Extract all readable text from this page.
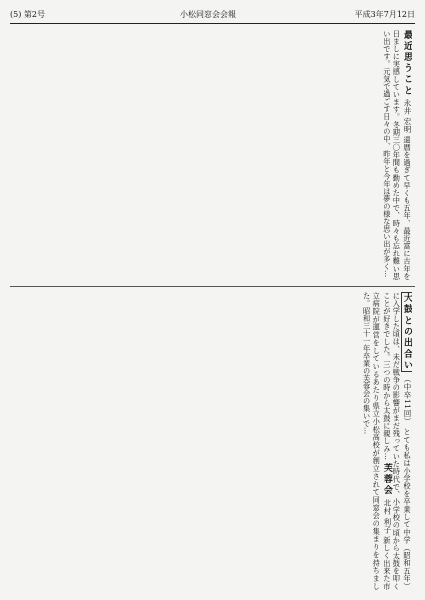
(5) 第2号	小松同窓会会報	平成3年7月12日
最近思うこと 永井 宏明 還暦を過ぎて早くも五年、最近富に古年を日ましに実感しています。冬期三〇年間も勤めた中で、時々も忘れ難い思い出です。元気で過ごす日々の中、昨年と今年は夢の様な思い出が多く…
大鼓との出合い （中卒11回） とても私は小学校を卒業して中学（昭和五年）に入学した頃は、未だ戦争の影響がまだ残っていた時代で、小学校の頃から太鼓を叩くことが好きでした。三つの時から太鼓に親しみ… 芙蓉会 北村 利子 新しく出来た市立病院が運営をしているあたり県立小松高校が創立されて同窓会の集まりを持ちました。昭和三十一年卒業の芙蓉会の集いで…
